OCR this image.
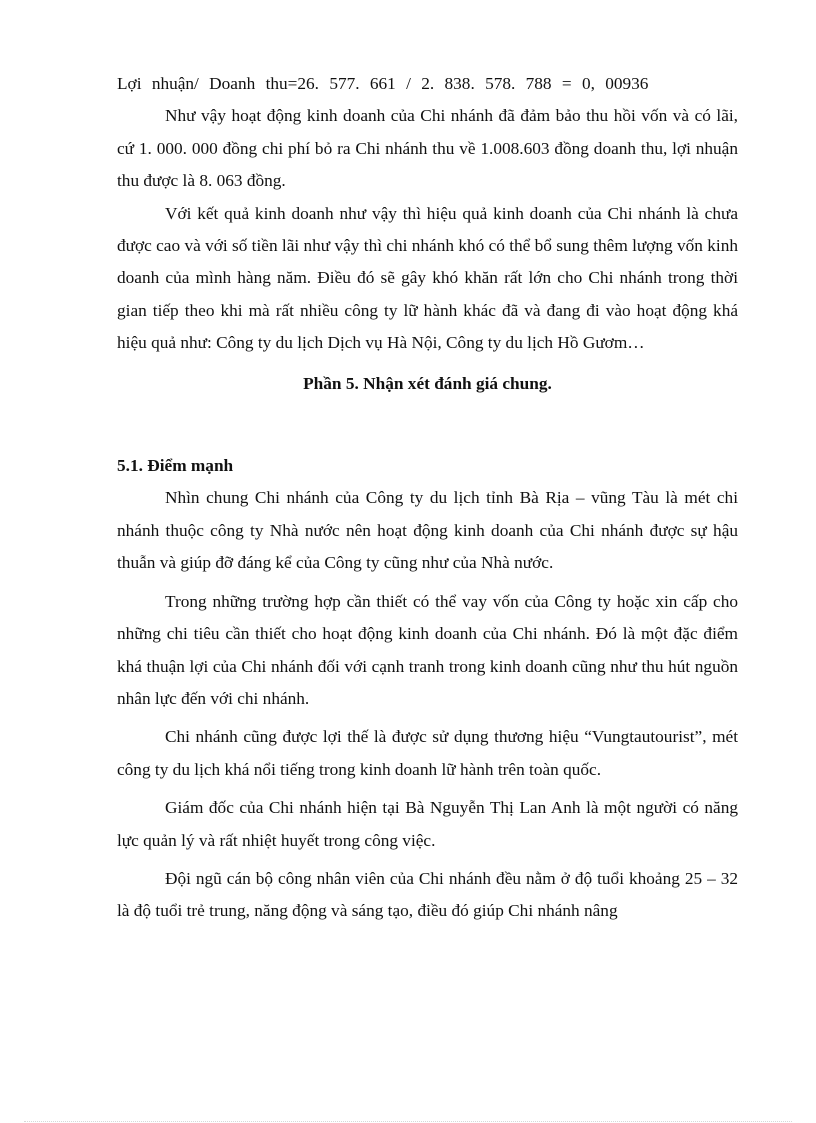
Lợi nhuận/ Doanh thu=26. 577. 661 / 2. 838. 578. 788 = 0, 00936

Như vậy hoạt động kinh doanh của Chi nhánh đã đảm bảo thu hồi vốn và có lãi, cứ 1. 000. 000 đồng chi phí bỏ ra Chi nhánh thu về 1.008.603 đồng doanh thu, lợi nhuận thu được là 8. 063 đồng.

Với kết quả kinh doanh như vậy thì hiệu quả kinh doanh của Chi nhánh là chưa được cao và với số tiền lãi như vậy thì chi nhánh khó có thể bổ sung thêm lượng vốn kinh doanh của mình hàng năm. Điều đó sẽ gây khó khăn rất lớn cho Chi nhánh trong thời gian tiếp theo khi mà rất nhiều công ty lữ hành khác đã và đang đi vào hoạt động khá hiệu quả như: Công ty du lịch Dịch vụ Hà Nội, Công ty du lịch Hồ Gươm…

Phần 5. Nhận xét đánh giá chung.

5.1. Điểm mạnh

Nhìn chung Chi nhánh của Công ty du lịch tỉnh Bà Rịa – vũng Tàu là mét chi nhánh thuộc công ty Nhà nước nên hoạt động kinh doanh của Chi nhánh được sự hậu thuẫn và giúp đỡ đáng kể của Công ty cũng như của Nhà nước.

Trong những trường hợp cần thiết có thể vay vốn của Công ty hoặc xin cấp cho những chi tiêu cần thiết cho hoạt động kinh doanh của Chi nhánh. Đó là một đặc điểm khá thuận lợi của Chi nhánh đối với cạnh tranh trong kinh doanh cũng như thu hút nguồn nhân lực đến với chi nhánh.

Chi nhánh cũng được lợi thế là được sử dụng thương hiệu “Vungtautourist”, mét công ty du lịch khá nổi tiếng trong kinh doanh lữ hành trên toàn quốc.

Giám đốc của Chi nhánh hiện tại Bà Nguyễn Thị Lan Anh là một người có năng lực quản lý và rất nhiệt huyết trong công việc.

Đội ngũ cán bộ công nhân viên của Chi nhánh đều nằm ở độ tuổi khoảng 25 – 32 là độ tuổi trẻ trung, năng động và sáng tạo, điều đó giúp Chi nhánh nâng
